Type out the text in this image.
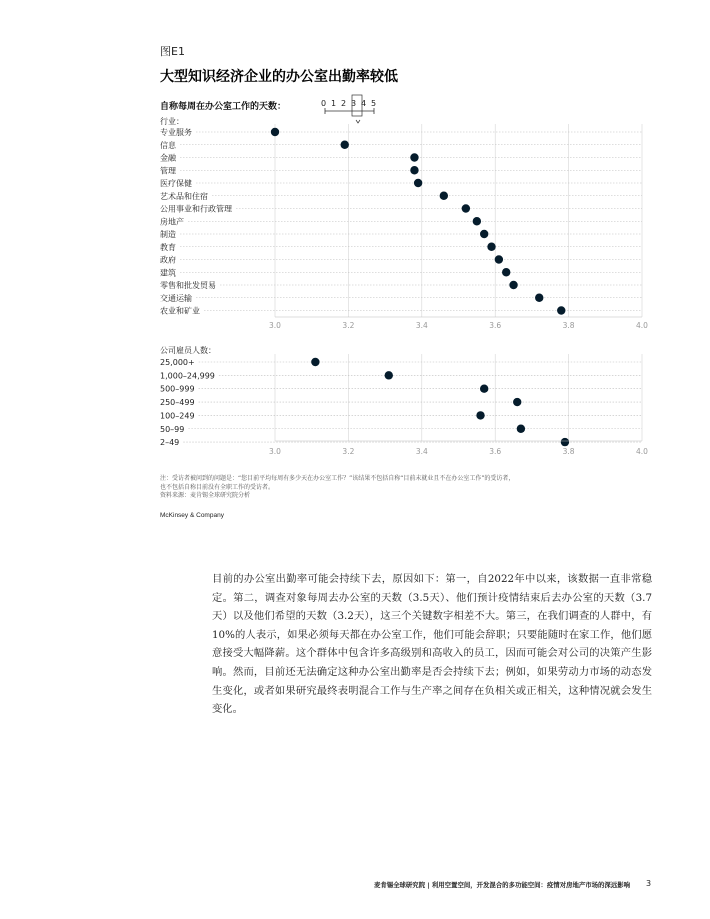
图E1
大型知识经济企业的办公室出勤率较低
自称每周在办公室工作的天数：	0 1 2 3 4 5
行业：
3.0	3.2	3.4	3.6	3.8	4.0
专业服务
信息
金融
管理
医疗保健
艺术品和住宿
公用事业和行政管理
房地产
制造
教育
政府
建筑
零售和批发贸易
交通运输
农业和矿业
公司雇员人数：
3.0	3.2	3.4	3.6	3.8	4.0
25,000+
1,000–24,999
500–999
250–499
100–249
50–99
2–49
注：受访者被问到的问题是：“您目前平均每周有多少天在办公室工作？”该结果不包括自称“目前未就业且不在办公室工作”的受访者，
也不包括自称目前没有全职工作的受访者。
资料来源：麦肯锡全球研究院分析
McKinsey & Company
目前的办公室出勤率可能会持续下去，原因如下：第一，自2022年中以来，该数据一直非常稳定。第二，调查对象每周去办公室的天数（3.5天）、他们预计疫情结束后去办公室的天数（3.7天）以及他们希望的天数（3.2天），这三个关键数字相差不大。第三，在我们调查的人群中，有10%的人表示，如果必须每天都在办公室工作，他们可能会辞职；只要能随时在家工作，他们愿意接受大幅降薪。这个群体中包含许多高级别和高收入的员工，因而可能会对公司的决策产生影响。然而，目前还无法确定这种办公室出勤率是否会持续下去；例如，如果劳动力市场的动态发生变化，或者如果研究最终表明混合工作与生产率之间存在负相关或正相关，这种情况就会发生变化。
麦肯锡全球研究院 | 利用空置空间，开发混合的多功能空间：疫情对房地产市场的深远影响 3
